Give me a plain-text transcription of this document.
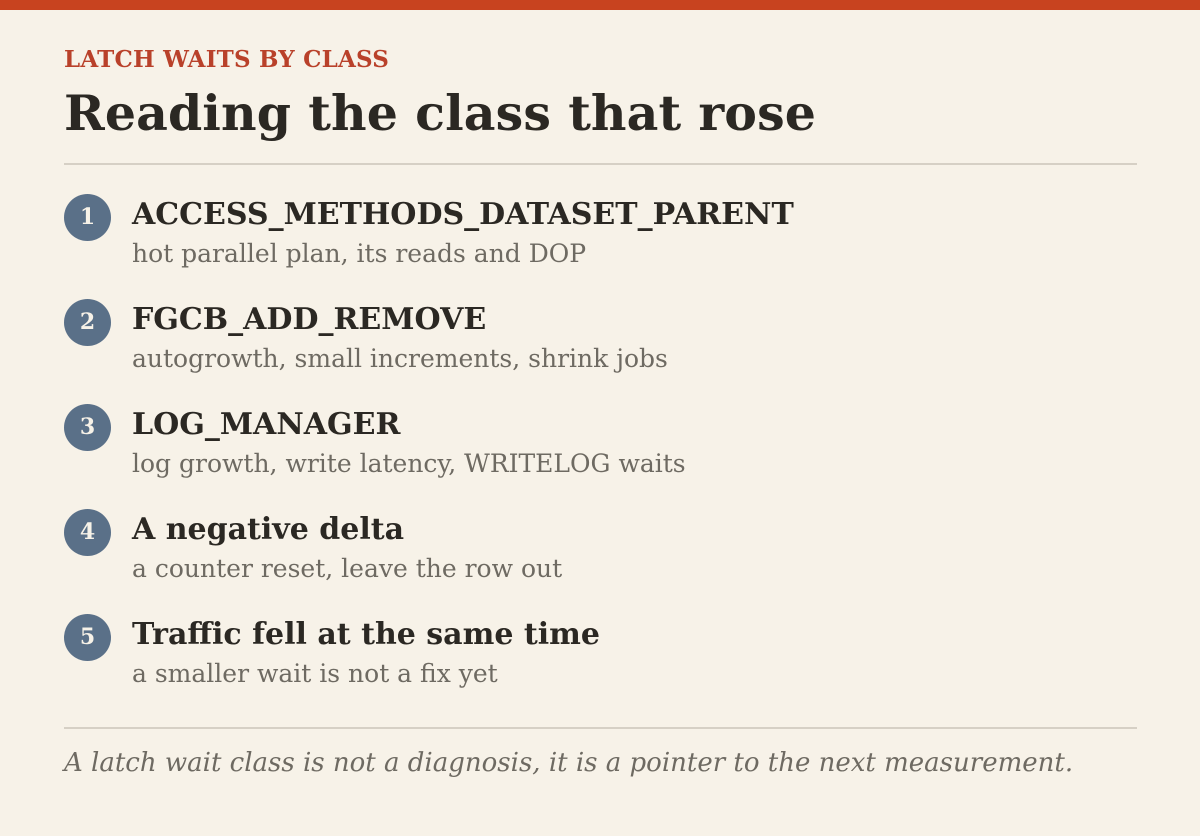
LATCH WAITS BY CLASS
Reading the class that rose
1	ACCESS_METHODS_DATASET_PARENT
hot parallel plan, its reads and DOP
2	FGCB_ADD_REMOVE
autogrowth, small increments, shrink jobs
3	LOG_MANAGER
log growth, write latency, WRITELOG waits
4	A negative delta
a counter reset, leave the row out
5	Traffic fell at the same time
a smaller wait is not a fix yet
A latch wait class is not a diagnosis, it is a pointer to the next measurement.
